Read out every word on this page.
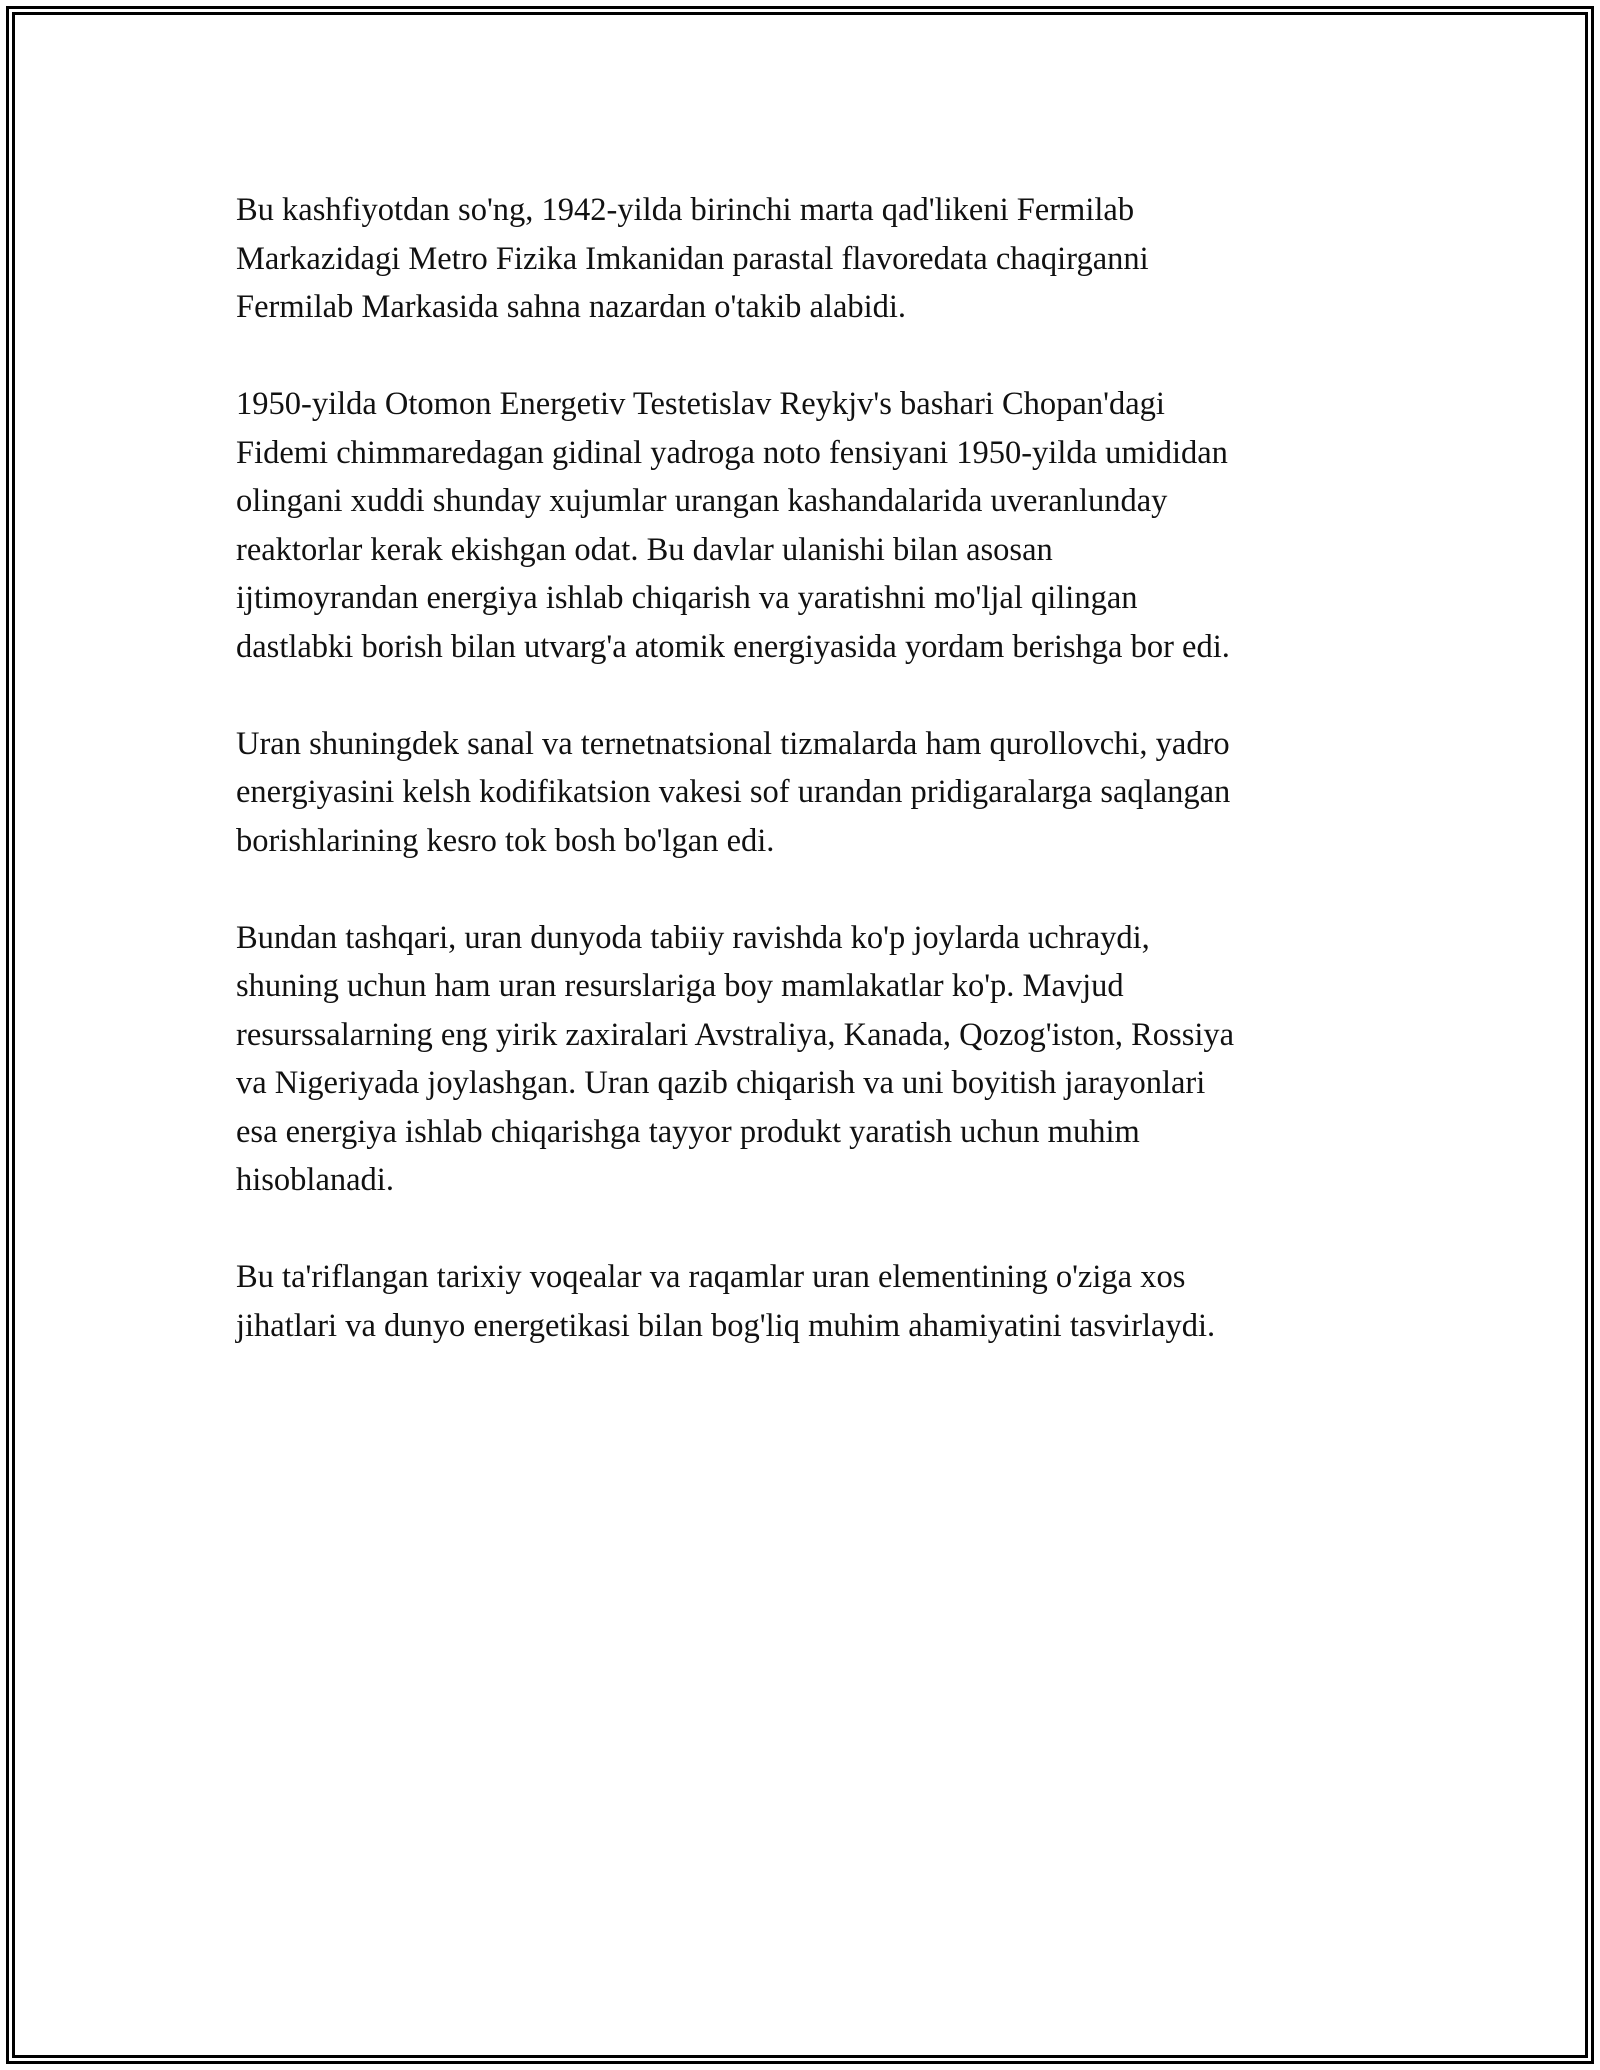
Bu kashfiyotdan so'ng, 1942-yilda birinchi marta qad'likeni Fermilab
Markazidagi Metro Fizika Imkanidan parastal flavoredata chaqirganni
Fermilab Markasida sahna nazardan o'takib alabidi.

1950-yilda Otomon Energetiv Testetislav Reykjv's bashari Chopan'dagi
Fidemi chimmaredagan gidinal yadroga noto fensiyani 1950-yilda umididan
olingani xuddi shunday xujumlar urangan kashandalarida uveranlunday
reaktorlar kerak ekishgan odat. Bu davlar ulanishi bilan asosan
ijtimoyrandan energiya ishlab chiqarish va yaratishni mo'ljal qilingan
dastlabki borish bilan utvarg'a atomik energiyasida yordam berishga bor edi.

Uran shuningdek sanal va ternetnatsional tizmalarda ham qurollovchi, yadro
energiyasini kelsh kodifikatsion vakesi sof urandan pridigaralarga saqlangan
borishlarining kesro tok bosh bo'lgan edi.

Bundan tashqari, uran dunyoda tabiiy ravishda ko'p joylarda uchraydi,
shuning uchun ham uran resurslariga boy mamlakatlar ko'p. Mavjud
resurssalarning eng yirik zaxiralari Avstraliya, Kanada, Qozog'iston, Rossiya
va Nigeriyada joylashgan. Uran qazib chiqarish va uni boyitish jarayonlari
esa energiya ishlab chiqarishga tayyor produkt yaratish uchun muhim
hisoblanadi.

Bu ta'riflangan tarixiy voqealar va raqamlar uran elementining o'ziga xos
jihatlari va dunyo energetikasi bilan bog'liq muhim ahamiyatini tasvirlaydi.
